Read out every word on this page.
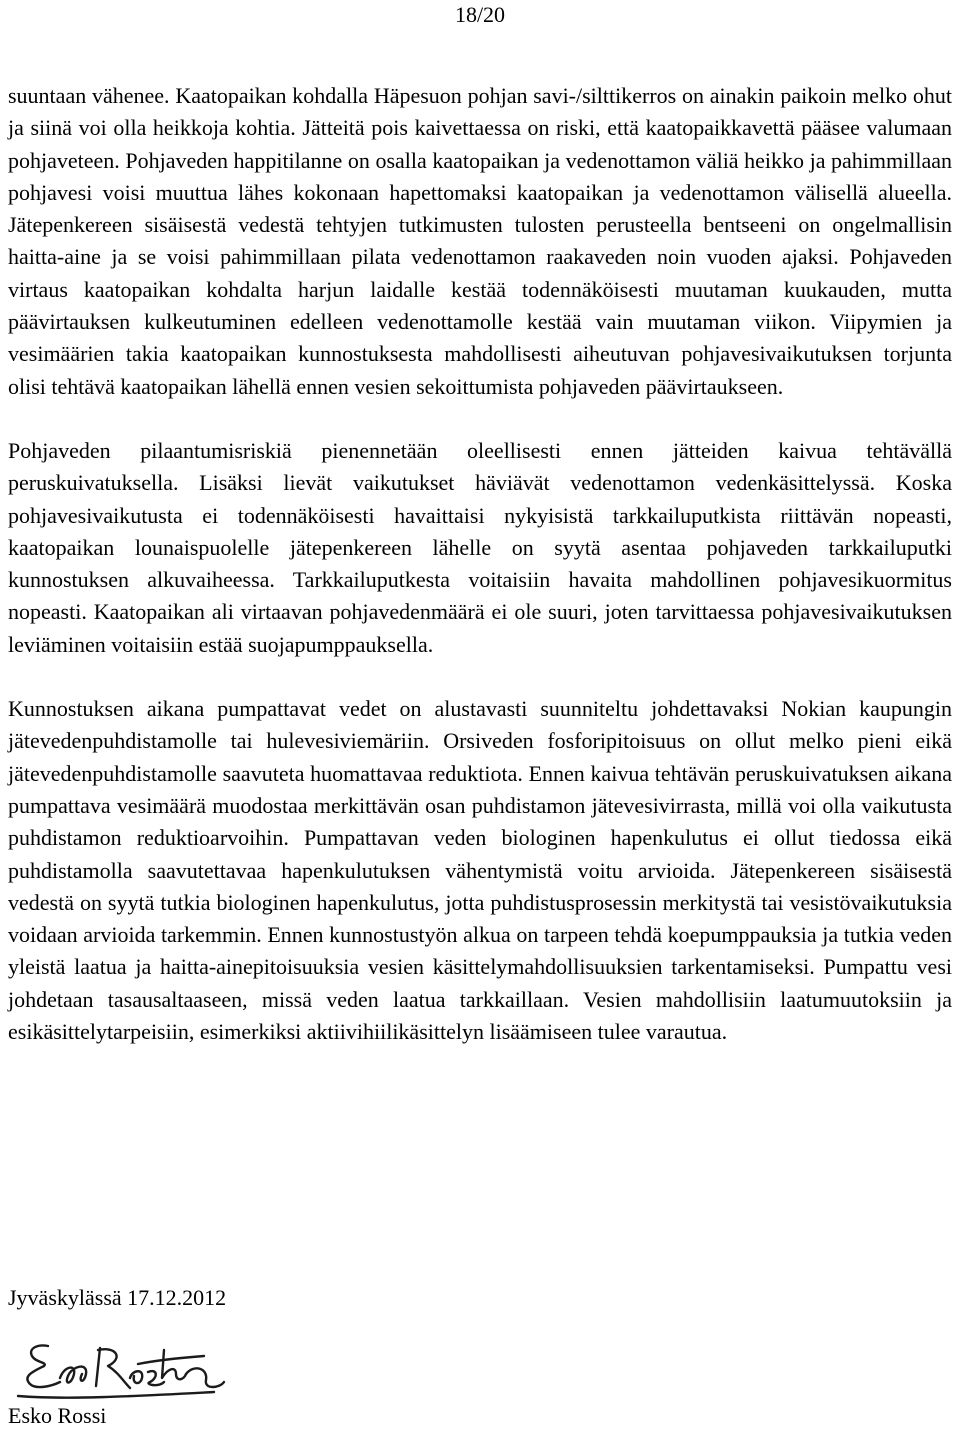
18/20

suuntaan vähenee. Kaatopaikan kohdalla Häpesuon pohjan savi-/silttikerros on ainakin paikoin melko ohut ja siinä voi olla heikkoja kohtia. Jätteitä pois kaivettaessa on riski, että kaatopaikkavettä pääsee valumaan pohjaveteen. Pohjaveden happitilanne on osalla kaatopaikan ja vedenottamon väliä heikko ja pahimmillaan pohjavesi voisi muuttua lähes kokonaan hapettomaksi kaatopaikan ja vedenottamon välisellä alueella. Jätepenkereen sisäisestä vedestä tehtyjen tutkimusten tulosten perusteella bentseeni on ongelmallisin haitta-aine ja se voisi pahimmillaan pilata vedenottamon raakaveden noin vuoden ajaksi. Pohjaveden virtaus kaatopaikan kohdalta harjun laidalle kestää todennäköisesti muutaman kuukauden, mutta päävirtauksen kulkeutuminen edelleen vedenottamolle kestää vain muutaman viikon. Viipymien ja vesimäärien takia kaatopaikan kunnostuksesta mahdollisesti aiheutuvan pohjavesivaikutuksen torjunta olisi tehtävä kaatopaikan lähellä ennen vesien sekoittumista pohjaveden päävirtaukseen.

Pohjaveden pilaantumisriskiä pienennetään oleellisesti ennen jätteiden kaivua tehtävällä peruskuivatuksella. Lisäksi lievät vaikutukset häviävät vedenottamon vedenkäsittelyssä. Koska pohjavesivaikutusta ei todennäköisesti havaittaisi nykyisistä tarkkailuputkista riittävän nopeasti, kaatopaikan lounaispuolelle jätepenkereen lähelle on syytä asentaa pohjaveden tarkkailuputki kunnostuksen alkuvaiheessa. Tarkkailuputkesta voitaisiin havaita mahdollinen pohjavesikuormitus nopeasti. Kaatopaikan ali virtaavan pohjavedenmäärä ei ole suuri, joten tarvittaessa pohjavesivaikutuksen leviäminen voitaisiin estää suojapumppauksella.

Kunnostuksen aikana pumpattavat vedet on alustavasti suunniteltu johdettavaksi Nokian kaupungin jätevedenpuhdistamolle tai hulevesiviemäriin. Orsiveden fosforipitoisuus on ollut melko pieni eikä jätevedenpuhdistamolle saavuteta huomattavaa reduktiota. Ennen kaivua tehtävän peruskuivatuksen aikana pumpattava vesimäärä muodostaa merkittävän osan puhdistamon jätevesivirrasta, millä voi olla vaikutusta puhdistamon reduktioarvoihin. Pumpattavan veden biologinen hapenkulutus ei ollut tiedossa eikä puhdistamolla saavutettavaa hapenkulutuksen vähentymistä voitu arvioida. Jätepenkereen sisäisestä vedestä on syytä tutkia biologinen hapenkulutus, jotta puhdistusprosessin merkitystä tai vesistövaikutuksia voidaan arvioida tarkemmin. Ennen kunnostustyön alkua on tarpeen tehdä koepumppauksia ja tutkia veden yleistä laatua ja haitta-ainepitoisuuksia vesien käsittelymahdollisuuksien tarkentamiseksi. Pumpattu vesi johdetaan tasausaltaaseen, missä veden laatua tarkkaillaan. Vesien mahdollisiin laatumuutoksiin ja esikäsittelytarpeisiin, esimerkiksi aktiivihiilikäsittelyn lisäämiseen tulee varautua.

Jyväskylässä 17.12.2012
Esko Rossi
